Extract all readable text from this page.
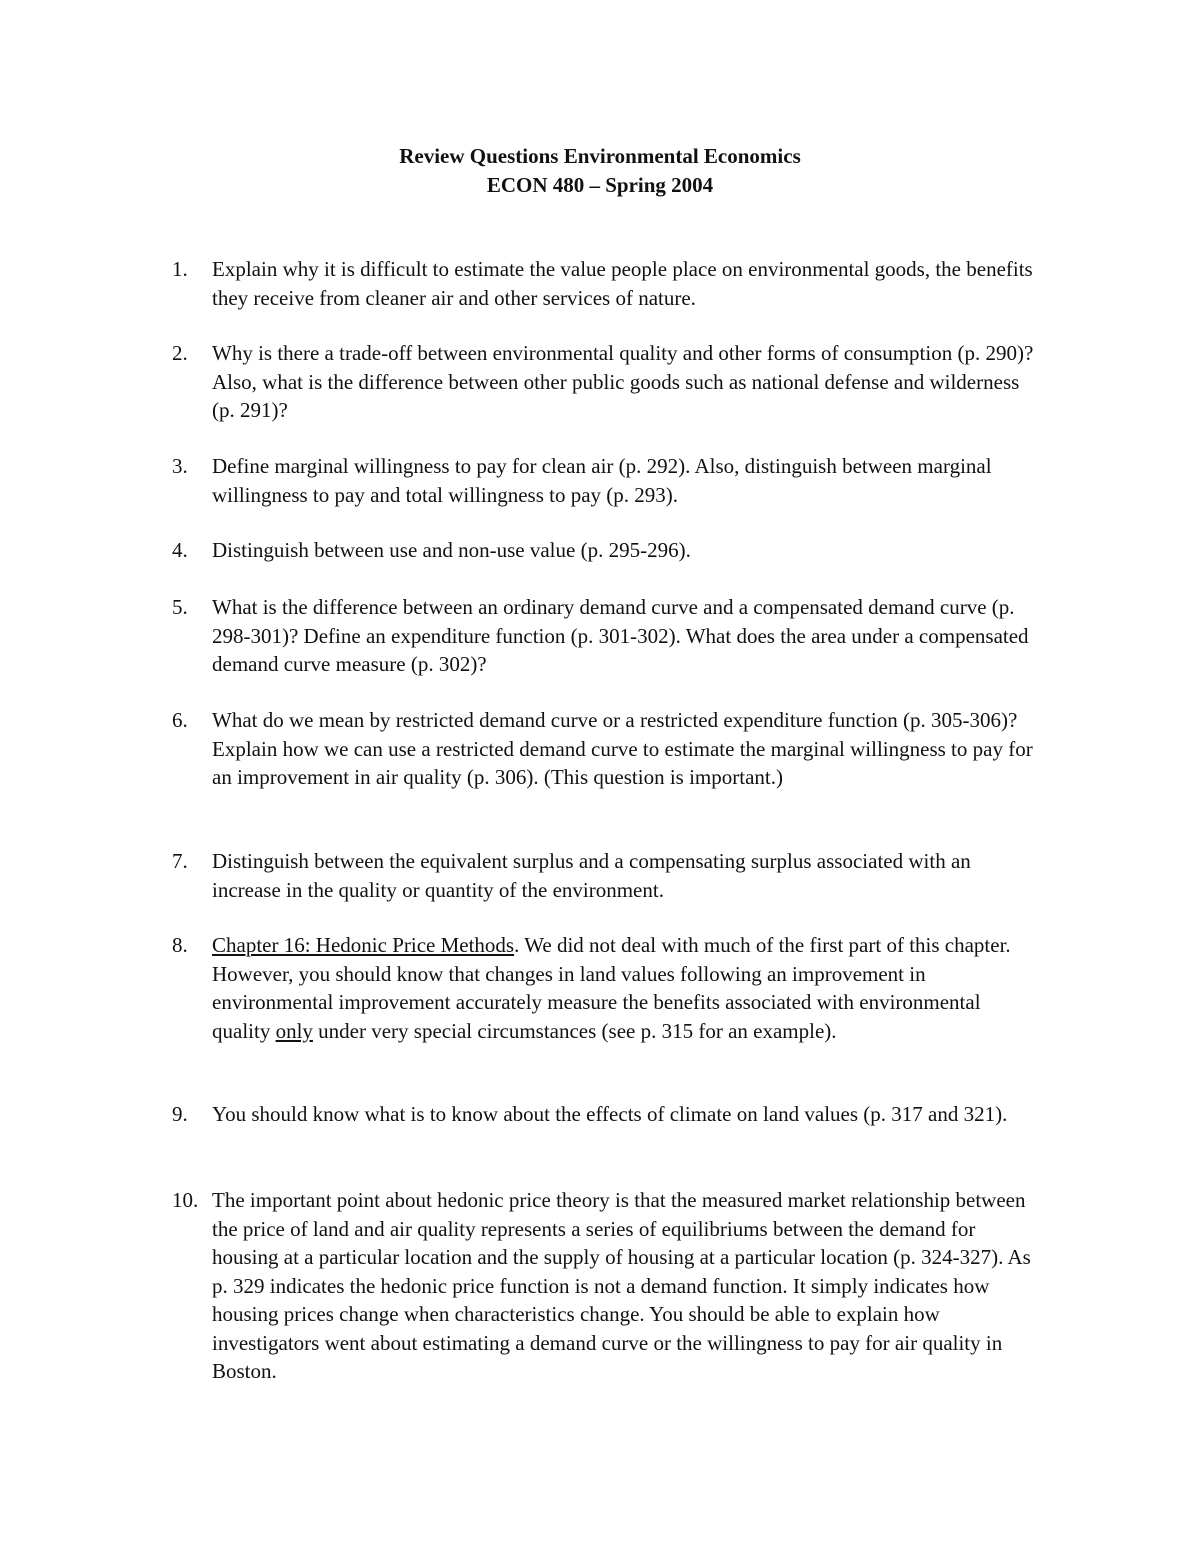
Review Questions Environmental Economics
ECON 480 – Spring 2004
1. Explain why it is difficult to estimate the value people place on environmental goods, the benefits they receive from cleaner air and other services of nature.
2. Why is there a trade-off between environmental quality and other forms of consumption (p. 290)? Also, what is the difference between other public goods such as national defense and wilderness (p. 291)?
3. Define marginal willingness to pay for clean air (p. 292). Also, distinguish between marginal willingness to pay and total willingness to pay (p. 293).
4. Distinguish between use and non-use value (p. 295-296).
5. What is the difference between an ordinary demand curve and a compensated demand curve (p. 298-301)? Define an expenditure function (p. 301-302). What does the area under a compensated demand curve measure (p. 302)?
6. What do we mean by restricted demand curve or a restricted expenditure function (p. 305-306)? Explain how we can use a restricted demand curve to estimate the marginal willingness to pay for an improvement in air quality (p. 306). (This question is important.)
7. Distinguish between the equivalent surplus and a compensating surplus associated with an increase in the quality or quantity of the environment.
8. Chapter 16: Hedonic Price Methods. We did not deal with much of the first part of this chapter. However, you should know that changes in land values following an improvement in environmental improvement accurately measure the benefits associated with environmental quality only under very special circumstances (see p. 315 for an example).
9. You should know what is to know about the effects of climate on land values (p. 317 and 321).
10. The important point about hedonic price theory is that the measured market relationship between the price of land and air quality represents a series of equilibriums between the demand for housing at a particular location and the supply of housing at a particular location (p. 324-327). As p. 329 indicates the hedonic price function is not a demand function. It simply indicates how housing prices change when characteristics change. You should be able to explain how investigators went about estimating a demand curve or the willingness to pay for air quality in Boston.
